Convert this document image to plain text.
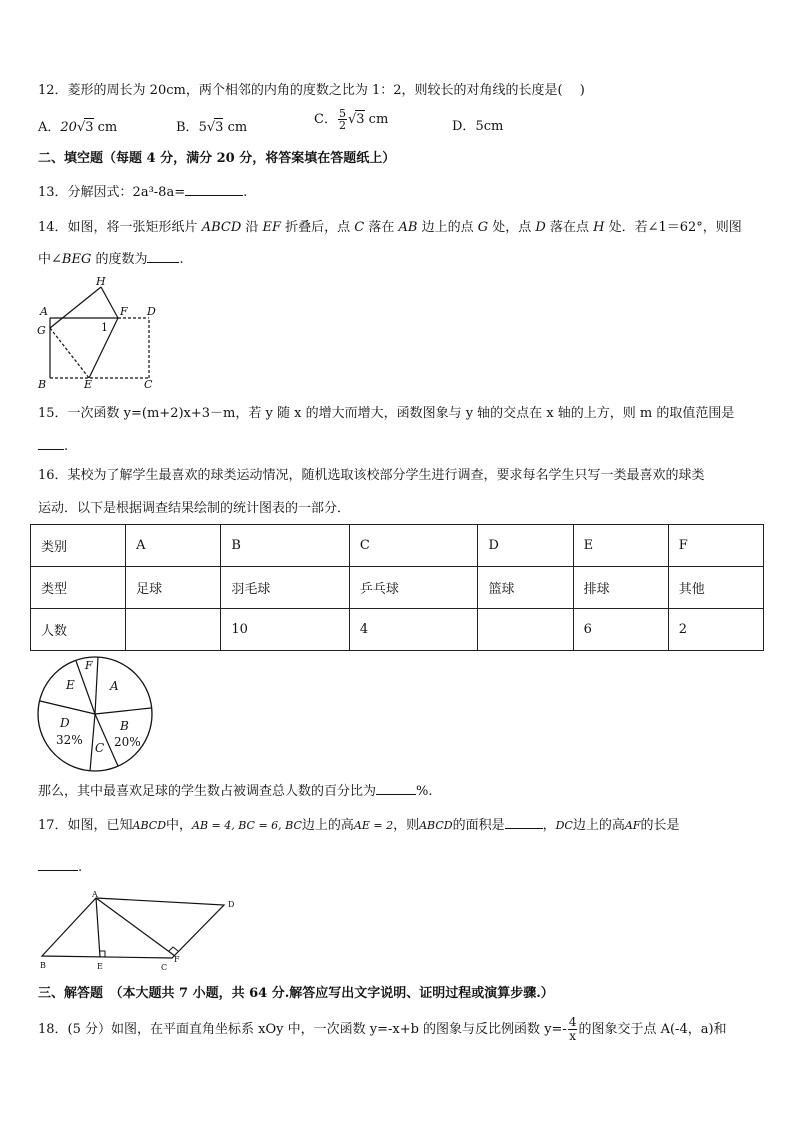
12．菱形的周长为 20cm，两个相邻的内角的度数之比为 1：2，则较长的对角线的长度是(　 )
A．20√3 cm	B．5√3 cm
C． $\frac{5}{2} √3$ cm	D．5cm
二、填空题（每题 4 分，满分 20 分，将答案填在答题纸上）
13．分解因式：2a³-8a=	.
14．如图，将一张矩形纸片 ABCD 沿 EF 折叠后，点 C 落在 AB 边上的点 G 处，点 D 落在点 H 处．若∠1＝62°，则图
中∠BEG 的度数为 .
H
A	F D
G	1
B	E	C
15．一次函数 y=(m+2)x+3－m，若 y 随 x 的增大而增大，函数图象与 y 轴的交点在 x 轴的上方，则 m 的取值范围是
.
16．某校为了解学生最喜欢的球类运动情况，随机选取该校部分学生进行调查，要求每名学生只写一类最喜欢的球类
运动．以下是根据调查结果绘制的统计图表的一部分．
类别	A	B	C	D	E	F
类型	足球	羽毛球	乒乓球	篮球	排球	其他
人数		10	4		6	2
F
E	A
D
32%
B
20%
C
那么，其中最喜欢足球的学生数占被调查总人数的百分比为	%.
17．如图，已知ABCD中，AB = 4, BC = 6, BC边上的高AE = 2，则ABCD的面积是	，DC边上的高AF的长是
.
A
D
B	E	C
F
三、解答题　（本大题共 7 小题，共 64 分.解答应写出文字说明、证明过程或演算步骤.）
18．(5 分）如图，在平面直角坐标系 xOy 中，一次函数 y=-x+b 的图象与反比例函数 $y=- \frac{4}{x}$ 的图象交于点 A(-4，a)和
